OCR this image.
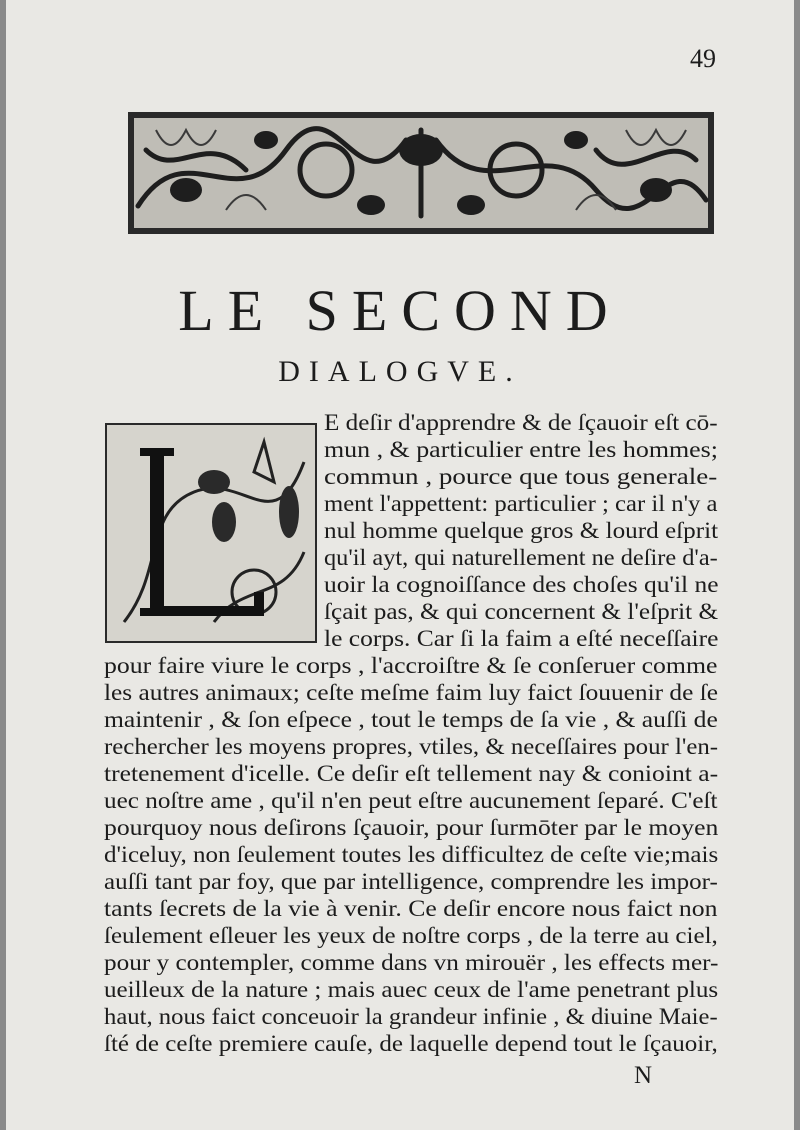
49
LE SECOND
DIALOGVE.
E deſir d'apprendre & de ſçauoir eſt cō-
mun , & particulier entre les hommes;
commun , pource que tous generale-
ment l'appettent: particulier ; car il n'y a
nul homme quelque gros & lourd eſprit
qu'il ayt, qui naturellement ne deſire d'a-
uoir la cognoiſſance des choſes qu'il ne
ſçait pas, & qui concernent & l'eſprit &
le corps. Car ſi la faim a eſté neceſſaire
pour faire viure le corps , l'accroiſtre & ſe conſeruer comme
les autres animaux; ceſte meſme faim luy faict ſouuenir de ſe
maintenir , & ſon eſpece , tout le temps de ſa vie , & auſſi de
rechercher les moyens propres, vtiles, & neceſſaires pour l'en-
tretenement d'icelle. Ce deſir eſt tellement nay & conioint a-
uec noſtre ame , qu'il n'en peut eſtre aucunement ſeparé. C'eſt
pourquoy nous deſirons ſçauoir, pour ſurmōter par le moyen
d'iceluy, non ſeulement toutes les difficultez de ceſte vie;mais
auſſi tant par foy, que par intelligence, comprendre les impor-
tants ſecrets de la vie à venir. Ce deſir encore nous faict non
ſeulement eſleuer les yeux de noſtre corps , de la terre au ciel,
pour y contempler, comme dans vn mirouër , les effects mer-
ueilleux de la nature ; mais auec ceux de l'ame penetrant plus
haut, nous faict conceuoir la grandeur infinie , & diuine Maie-
ſté de ceſte premiere cauſe, de laquelle depend tout le ſçauoir,
N
